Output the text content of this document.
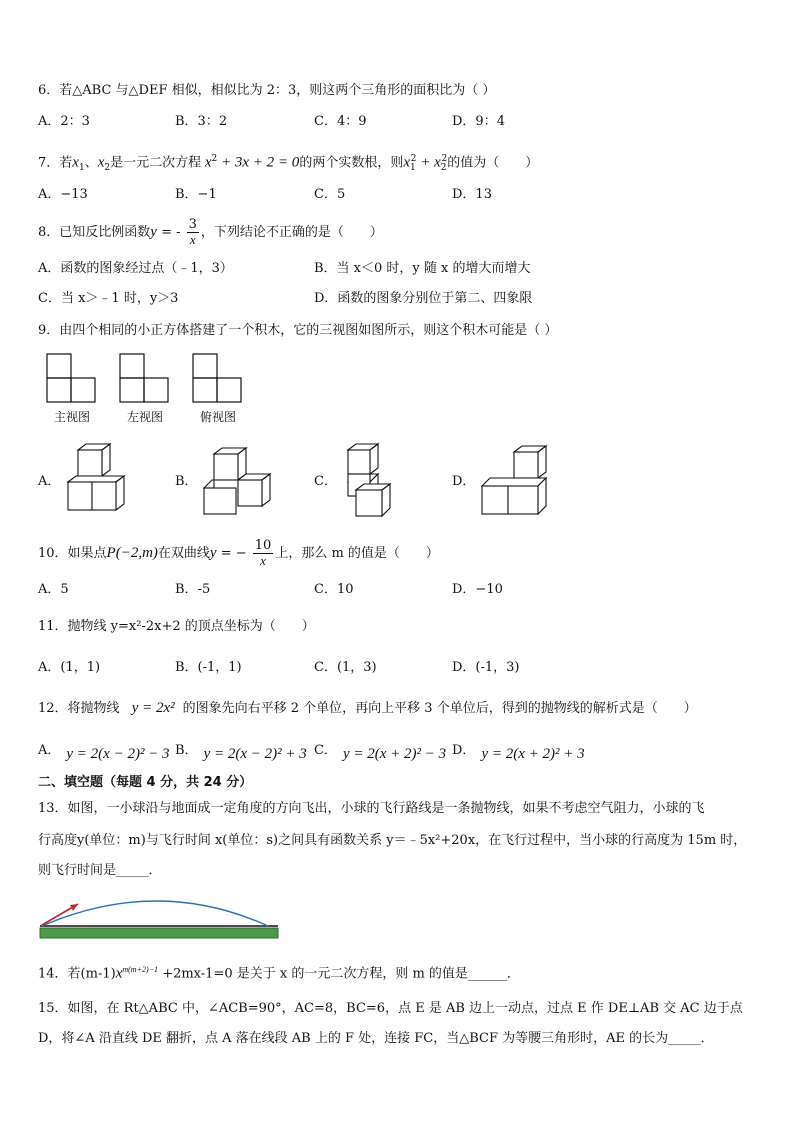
6．若△ABC 与△DEF 相似，相似比为 2：3，则这两个三角形的面积比为（ ）
A．2：3	B．3：2	C．4：9	D．9：4
7．若$x_1$、$x_2$是一元二次方程 $x^2 + 3x + 2 = 0$的两个实数根，则$x_1^2 + x_2^2$的值为（　　）
A．−13	B．−1	C．5	D．13
8．已知反比例函数y = - $\frac{3}{x}$ ，下列结论不正确的是（　　）
A．函数的图象经过点（﹣1，3）	B．当 x＜0 时，y 随 x 的增大而增大
C．当 x＞﹣1 时，y＞3	D．函数的图象分别位于第二、四象限
9．由四个相同的小正方体搭建了一个积木，它的三视图如图所示，则这个积木可能是（ ）
主视图	左视图	俯视图
A．	B．	C．	D．
10．如果点P(−2,m)在双曲线y = − $\frac{10}{x}$ 上，那么 m 的值是（　　）
A．5	B．-5	C．10	D．−10
11．抛物线 y=x²-2x+2 的顶点坐标为（　　）
A．(1，1)	B．(-1，1)	C．(1，3)	D．(-1，3)
12．将抛物线 y = 2x² 的图象先向右平移 2 个单位，再向上平移 3 个单位后，得到的抛物线的解析式是（　　）
A． y = 2(x − 2)² − 3 B． y = 2(x − 2)² + 3 C． y = 2(x + 2)² − 3 D． y = 2(x + 2)² + 3
二、填空题（每题 4 分，共 24 分）
13．如图，一小球沿与地面成一定角度的方向飞出，小球的飞行路线是一条抛物线，如果不考虑空气阻力，小球的飞
行高度y(单位：m)与飞行时间 x(单位：s)之间具有函数关系 y＝﹣5x²+20x，在飞行过程中，当小球的行高度为 15m 时，
则飞行时间是_____．
14．若$(m-1)x^{m(m+2)-1} +2mx-1=0$ 是关于 x 的一元二次方程，则 m 的值是______．
15．如图，在 Rt△ABC 中，∠ACB=90°，AC=8，BC=6，点 E 是 AB 边上一动点，过点 E 作 DE⊥AB 交 AC 边于点
D，将∠A 沿直线 DE 翻折，点 A 落在线段 AB 上的 F 处，连接 FC，当△BCF 为等腰三角形时，AE 的长为_____．
